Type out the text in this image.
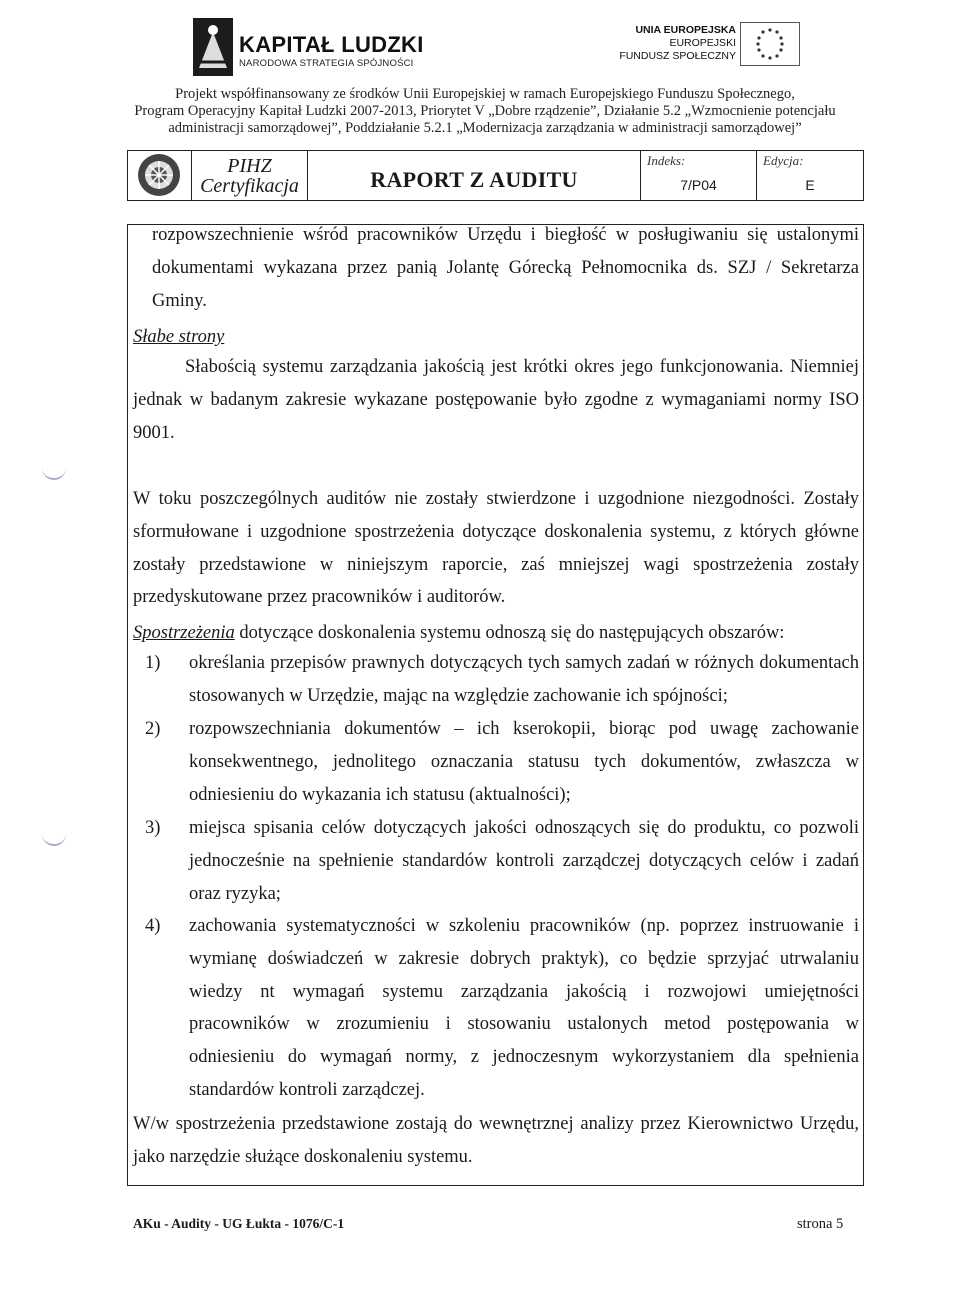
KAPITAŁ LUDZKI
NARODOWA STRATEGIA SPÓJNOŚCI
UNIA EUROPEJSKA
EUROPEJSKI
FUNDUSZ SPOŁECZNY
Projekt współfinansowany ze środków Unii Europejskiej w ramach Europejskiego Funduszu Społecznego,
Program Operacyjny Kapitał Ludzki 2007-2013, Priorytet V „Dobre rządzenie”, Działanie 5.2 „Wzmocnienie potencjału
administracji samorządowej”, Poddziałanie 5.2.1 „Modernizacja zarządzania w administracji samorządowej”
PIHZ
Certyfikacja	RAPORT Z AUDITU
Indeks:
7/P04
Edycja:
E
rozpowszechnienie wśród pracowników Urzędu i biegłość w posługiwaniu się ustalonymi
dokumentami wykazana przez panią Jolantę Górecką Pełnomocnika ds. SZJ / Sekretarza
Gminy.
Słabe strony
Słabością systemu zarządzania jakością jest krótki okres jego funkcjonowania. Niemniej
jednak w badanym zakresie wykazane postępowanie było zgodne z wymaganiami normy ISO
9001.
W toku poszczególnych auditów nie zostały stwierdzone i uzgodnione niezgodności. Zostały
sformułowane i uzgodnione spostrzeżenia dotyczące doskonalenia systemu, z których główne
zostały przedstawione w niniejszym raporcie, zaś mniejszej wagi spostrzeżenia zostały
przedyskutowane przez pracowników i auditorów.
Spostrzeżenia dotyczące doskonalenia systemu odnoszą się do następujących obszarów:
1) określania przepisów prawnych dotyczących tych samych zadań w różnych dokumentach
stosowanych w Urzędzie, mając na względzie zachowanie ich spójności;
2) rozpowszechniania dokumentów – ich kserokopii, biorąc pod uwagę zachowanie
konsekwentnego, jednolitego oznaczania statusu tych dokumentów, zwłaszcza w
odniesieniu do wykazania ich statusu (aktualności);
3) miejsca spisania celów dotyczących jakości odnoszących się do produktu, co pozwoli
jednocześnie na spełnienie standardów kontroli zarządczej dotyczących celów i zadań
oraz ryzyka;
4) zachowania systematyczności w szkoleniu pracowników (np. poprzez instruowanie i
wymianę doświadczeń w zakresie dobrych praktyk), co będzie sprzyjać utrwalaniu
wiedzy nt wymagań systemu zarządzania jakością i rozwojowi umiejętności
pracowników w zrozumieniu i stosowaniu ustalonych metod postępowania w
odniesieniu do wymagań normy, z jednoczesnym wykorzystaniem dla spełnienia
standardów kontroli zarządczej.
W/w spostrzeżenia przedstawione zostają do wewnętrznej analizy przez Kierownictwo Urzędu,
jako narzędzie służące doskonaleniu systemu.
AKu - Audity - UG Łukta - 1076/C-1	strona 5
